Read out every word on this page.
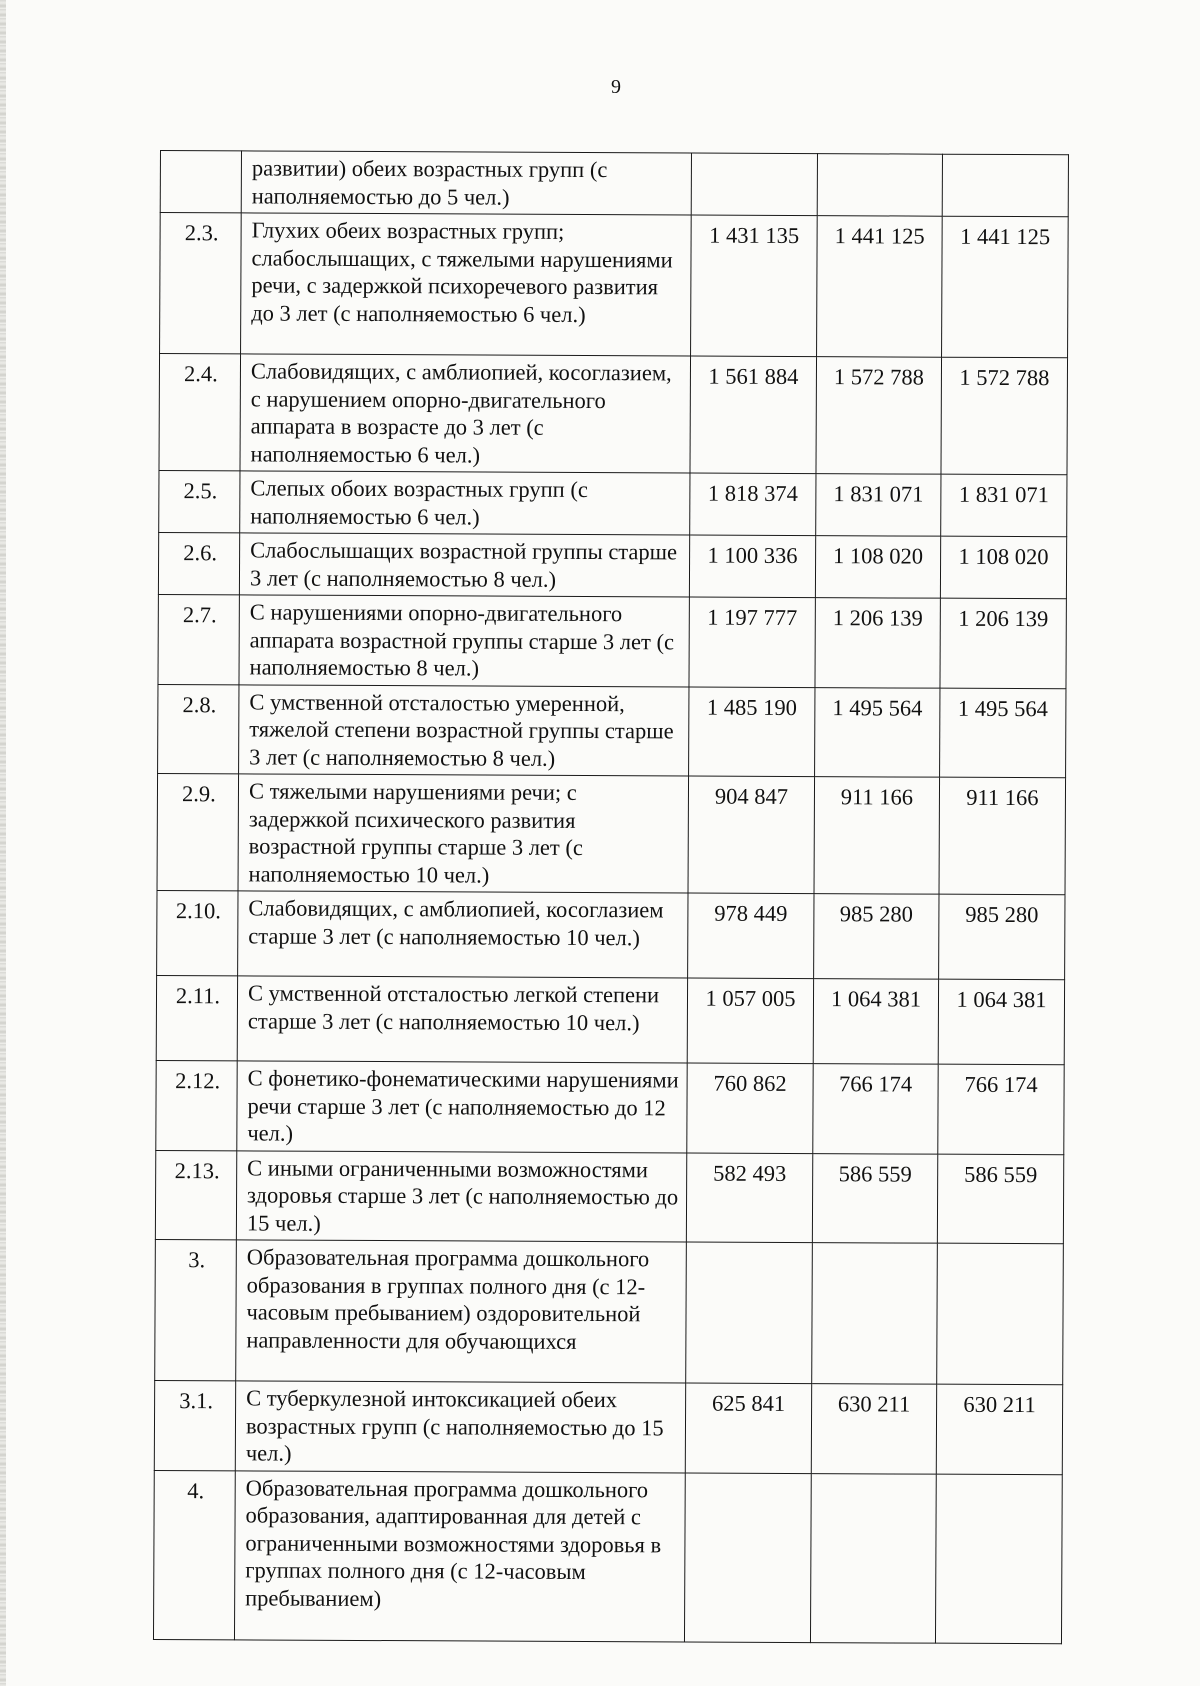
9
	развитии) обеих возрастных групп (с наполняемостью до 5 чел.)			
2.3.	Глухих обеих возрастных групп; слабослышащих, с тяжелыми нарушениями речи, с задержкой психоречевого развития до 3 лет (с наполняемостью 6 чел.)	1 431 135	1 441 125	1 441 125
2.4.	Слабовидящих, с амблиопией, косоглазием, с нарушением опорно-двигательного аппарата в возрасте до 3 лет (с наполняемостью 6 чел.)	1 561 884	1 572 788	1 572 788
2.5.	Слепых обоих возрастных групп (с наполняемостью 6 чел.)	1 818 374	1 831 071	1 831 071
2.6.	Слабослышащих возрастной группы старше 3 лет (с наполняемостью 8 чел.)	1 100 336	1 108 020	1 108 020
2.7.	С нарушениями опорно-двигательного аппарата возрастной группы старше 3 лет (с наполняемостью 8 чел.)	1 197 777	1 206 139	1 206 139
2.8.	С умственной отсталостью умеренной, тяжелой степени возрастной группы старше 3 лет (с наполняемостью 8 чел.)	1 485 190	1 495 564	1 495 564
2.9.	С тяжелыми нарушениями речи; с задержкой психического развития возрастной группы старше 3 лет (с наполняемостью 10 чел.)	904 847	911 166	911 166
2.10.	Слабовидящих, с амблиопией, косоглазием старше 3 лет (с наполняемостью 10 чел.)	978 449	985 280	985 280
2.11.	С умственной отсталостью легкой степени старше 3 лет (с наполняемостью 10 чел.)	1 057 005	1 064 381	1 064 381
2.12.	С фонетико-фонематическими нарушениями речи старше 3 лет (с наполняемостью до 12 чел.)	760 862	766 174	766 174
2.13.	С иными ограниченными возможностями здоровья старше 3 лет (с наполняемостью до 15 чел.)	582 493	586 559	586 559
3.	Образовательная программа дошкольного образования в группах полного дня (с 12-часовым пребыванием) оздоровительной направленности для обучающихся			
3.1.	С туберкулезной интоксикацией обеих возрастных групп (с наполняемостью до 15 чел.)	625 841	630 211	630 211
4.	Образовательная программа дошкольного образования, адаптированная для детей с ограниченными возможностями здоровья в группах полного дня (с 12-часовым пребыванием)			
